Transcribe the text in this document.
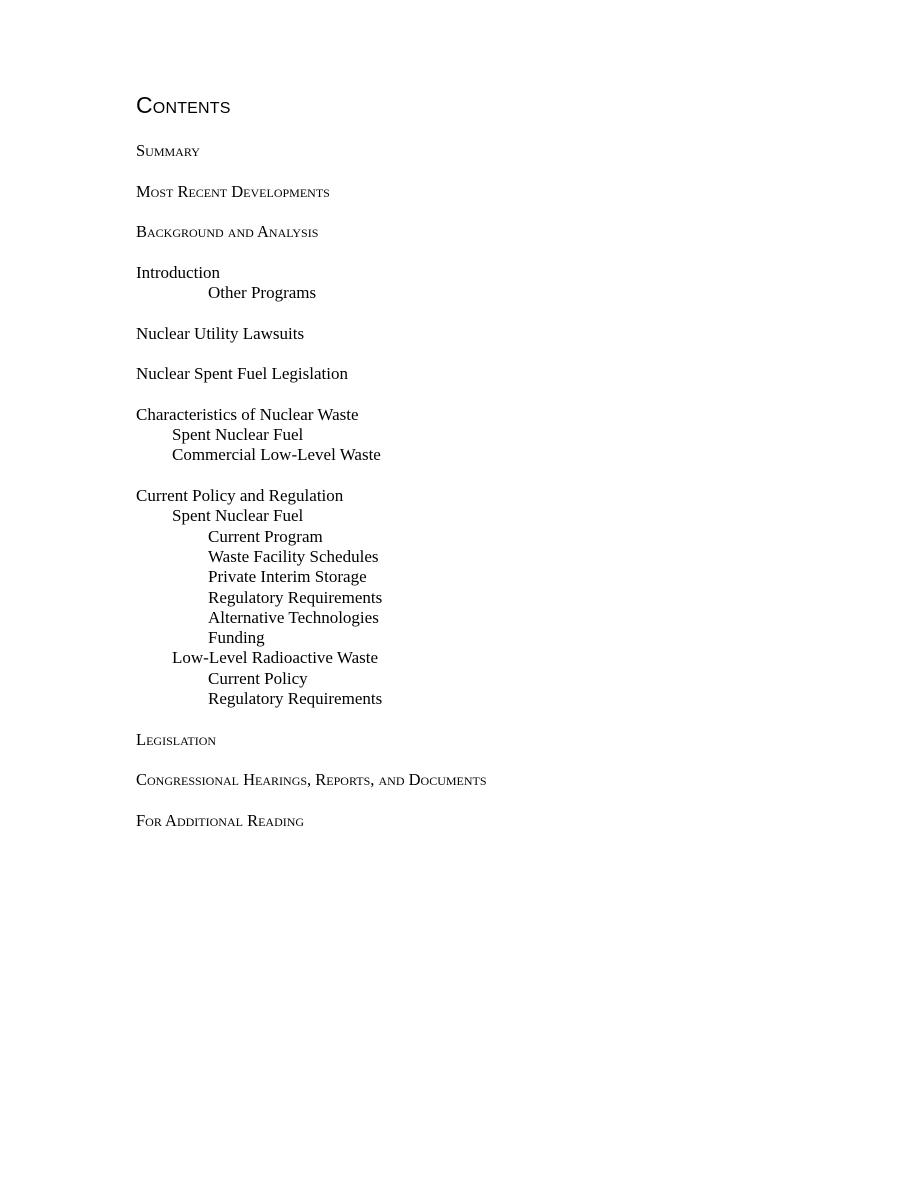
Contents
Summary
Most Recent Developments
Background and Analysis
Introduction
Other Programs
Nuclear Utility Lawsuits
Nuclear Spent Fuel Legislation
Characteristics of Nuclear Waste
Spent Nuclear Fuel
Commercial Low-Level Waste
Current Policy and Regulation
Spent Nuclear Fuel
Current Program
Waste Facility Schedules
Private Interim Storage
Regulatory Requirements
Alternative Technologies
Funding
Low-Level Radioactive Waste
Current Policy
Regulatory Requirements
Legislation
Congressional Hearings, Reports, and Documents
For Additional Reading
